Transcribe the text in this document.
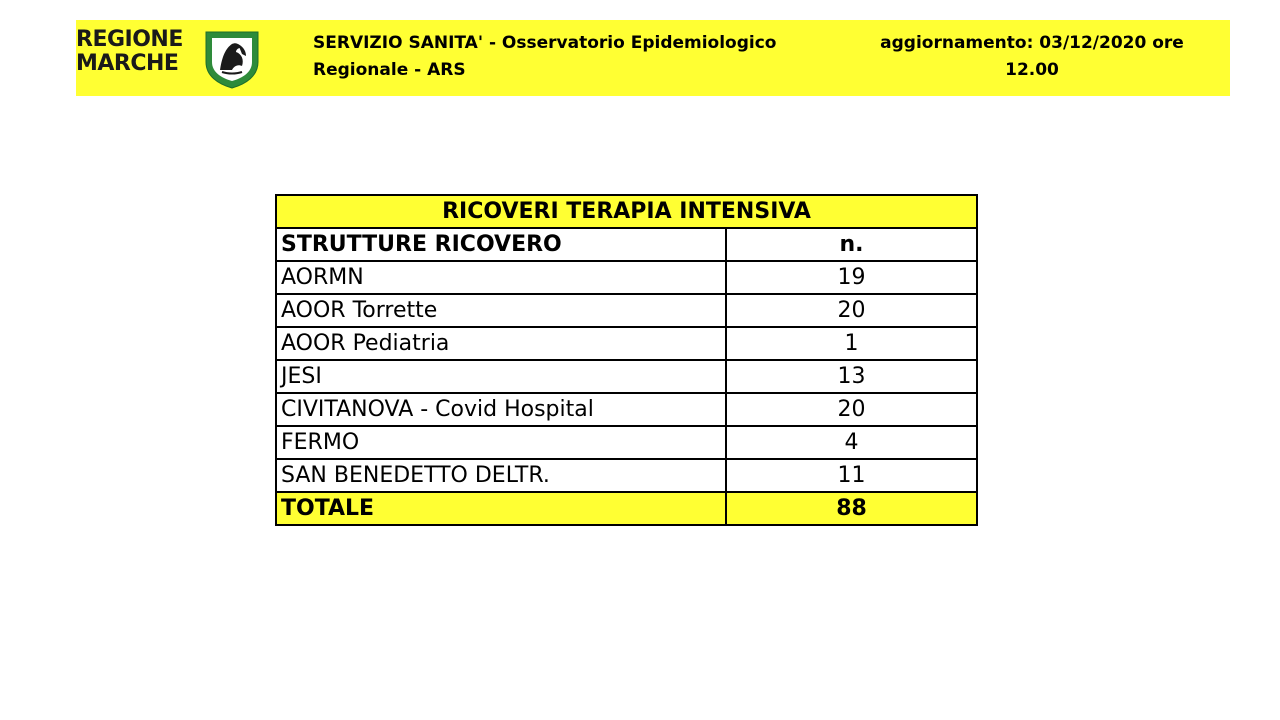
REGIONE MARCHE
SERVIZIO SANITA' - Osservatorio Epidemiologico Regionale - ARS
aggiornamento: 03/12/2020 ore 12.00
RICOVERI TERAPIA INTENSIVA	
STRUTTURE RICOVERO	n.
AORMN	19
AOOR Torrette	20
AOOR Pediatria	1
JESI	13
CIVITANOVA - Covid Hospital	20
FERMO	4
SAN BENEDETTO DELTR.	11
TOTALE	88
